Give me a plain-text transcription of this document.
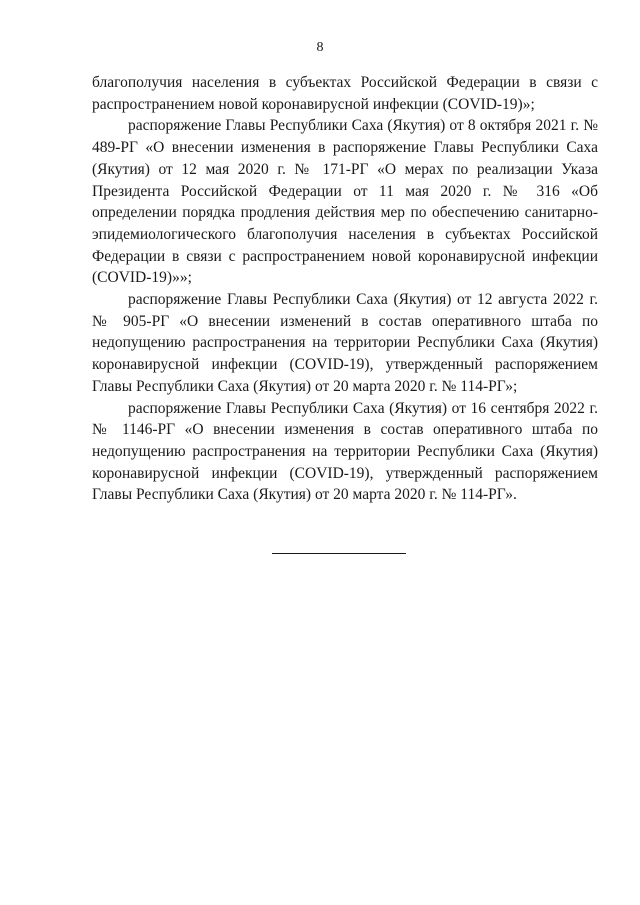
8

благополучия населения в субъектах Российской Федерации в связи с распространением новой коронавирусной инфекции (COVID-19)»;

распоряжение Главы Республики Саха (Якутия) от 8 октября 2021 г. № 489-РГ «О внесении изменения в распоряжение Главы Республики Саха (Якутия) от 12 мая 2020 г. № 171-РГ «О мерах по реализации Указа Президента Российской Федерации от 11 мая 2020 г. № 316 «Об определении порядка продления действия мер по обеспечению санитарно-эпидемиологического благополучия населения в субъектах Российской Федерации в связи с распространением новой коронавирусной инфекции (COVID-19)»»;

распоряжение Главы Республики Саха (Якутия) от 12 августа 2022 г. № 905-РГ «О внесении изменений в состав оперативного штаба по недопущению распространения на территории Республики Саха (Якутия) коронавирусной инфекции (COVID-19), утвержденный распоряжением Главы Республики Саха (Якутия) от 20 марта 2020 г. № 114-РГ»;

распоряжение Главы Республики Саха (Якутия) от 16 сентября 2022 г. № 1146-РГ «О внесении изменения в состав оперативного штаба по недопущению распространения на территории Республики Саха (Якутия) коронавирусной инфекции (COVID-19), утвержденный распоряжением Главы Республики Саха (Якутия) от 20 марта 2020 г. № 114-РГ».
